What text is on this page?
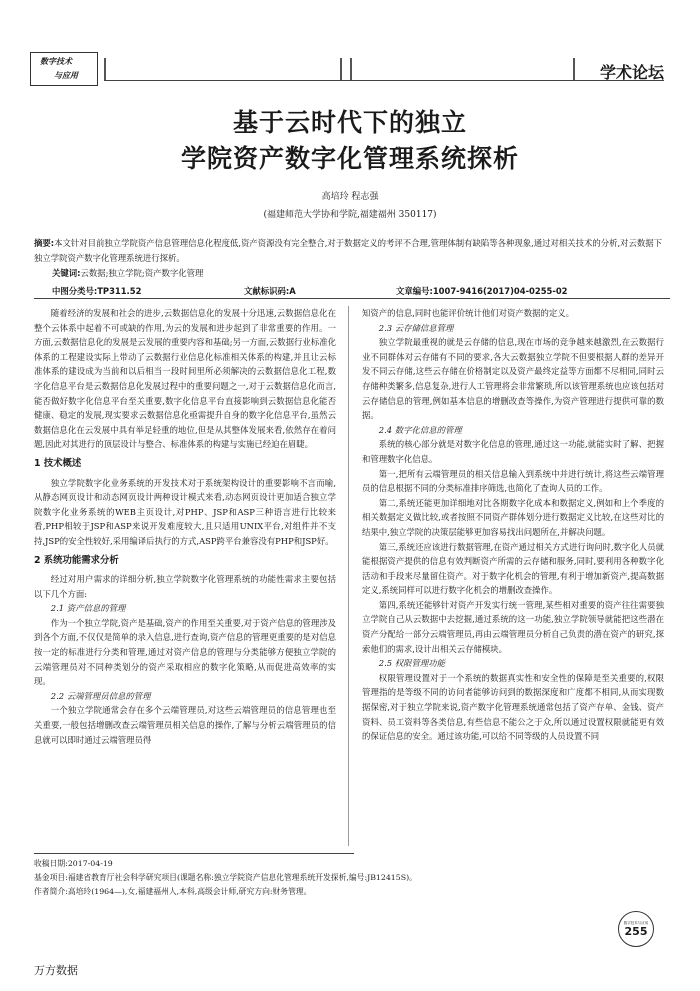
数字技术
与应用	学术论坛
基于云时代下的独立
学院资产数字化管理系统探析
高培玲 程志强
(福建师范大学协和学院,福建福州 350117)
摘要:本文针对目前独立学院资产信息管理信息化程度低,资产资源没有完全整合,对于数据定义的考评不合理,管理体制有缺陷等各种现象,通过对相关技术的分析,对云数据下独立学院资产数字化管理系统进行探析。
关键词:云数据;独立学院;资产数字化管理
中图分类号:TP311.52	文献标识码:A	文章编号:1007-9416(2017)04-0255-02

随着经济的发展和社会的进步,云数据信息化的发展十分迅速,云数据信息化在整个云体系中起着不可或缺的作用,为云的发展和进步起到了非常重要的作用。一方面,云数据信息化的发展是云发展的重要内容和基础;另一方面,云数据行业标准化体系的工程建设实际上带动了云数据行业信息化标准相关体系的构建,并且让云标准体系的建设成为当前和以后相当一段时间里所必须解决的云数据信息化工程,数字化信息平台是云数据信息化发展过程中的重要问题之一,对于云数据信息化而言,能否做好数字化信息平台至关重要,数字化信息平台直接影响到云数据信息化能否健康、稳定的发展,现实要求云数据信息化亟需提升自身的数字化信息平台,虽然云数据信息化在云发展中具有举足轻重的地位,但是从其整体发展来看,依然存在着问题,因此对其进行的顶层设计与整合、标准体系的构建与实施已经迫在眉睫。

1 技术概述

独立学院数字化业务系统的开发技术对于系统架构设计的重要影响不言而喻,从静态网页设计和动态网页设计两种设计模式来看,动态网页设计更加适合独立学院数字化业务系统的WEB主页设计,对PHP、JSP和ASP三种语言进行比较来看,PHP相较于JSP和ASP来说开发难度较大,且只适用UNIX平台,对组件并不支持,JSP的安全性较好,采用编译后执行的方式,ASP跨平台兼容没有PHP和JSP好。

2 系统功能需求分析

经过对用户需求的详细分析,独立学院数字化管理系统的功能性需求主要包括以下几个方面:

2.1 资产信息的管理

作为一个独立学院,资产是基础,资产的作用至关重要,对于资产信息的管理涉及到各个方面,不仅仅是简单的录入信息,进行查询,资产信息的管理更重要的是对信息按一定的标准进行分类和管理,通过对资产信息的管理与分类能够方便独立学院的云端管理员对不同种类划分的资产采取相应的数字化策略,从而促进高效率的实现。

2.2 云端管理员信息的管理

一个独立学院通常会存在多个云端管理员,对这些云端管理员的信息管理也至关重要,一般包括增删改查云端管理员相关信息的操作,了解与分析云端管理员的信息就可以即时通过云端管理员得

知资产的信息,同时也能评价统计他们对资产数据的定义。

2.3 云存储信息管理

独立学院最重视的就是云存储的信息,现在市场的竞争越来越激烈,在云数据行业不同群体对云存储有不同的要求,各大云数据独立学院不但要根据人群的差异开发不同云存储,这些云存储在价格制定以及资产最终定益等方面都不尽相同,同时云存储种类繁多,信息复杂,进行人工管理将会非常繁琐,所以该管理系统也应该包括对云存储信息的管理,例如基本信息的增删改查等操作,为资产管理进行提供可靠的数据。

2.4 数字化信息的管理

系统的核心部分就是对数字化信息的管理,通过这一功能,就能实时了解、把握和管理数字化信息。

第一,把所有云端管理员的相关信息输入到系统中并进行统计,将这些云端管理员的信息根据不同的分类标准排序筛选,也简化了查询人员的工作。

第二,系统还能更加详细地对比各期数字化成本和数据定义,例如和上个季度的相关数据定义做比较,或者按照不同资产群体划分进行数据定义比较,在这些对比的结果中,独立学院的决策层能够更加容易找出问题所在,并解决问题。

第三,系统还应该进行数据管理,在资产通过相关方式进行询问时,数字化人员就能根据资产提供的信息有效判断资产所需的云存储和服务,同时,要利用各种数字化活动和手段来尽量留住资产。对于数字化机会的管理,有利于增加新资产,提高数据定义,系统同样可以进行数字化机会的增删改查操作。

第四,系统还能够针对资产开发实行统一管理,某些相对重要的资产往往需要独立学院自己从云数据中去挖掘,通过系统的这一功能,独立学院领导就能把这些潜在资产分配给一部分云端管理员,再由云端管理员分析自己负责的潜在资产的研究,探索他们的需求,设计出相关云存储模块。

2.5 权限管理功能

权限管理设置对于一个系统的数据真实性和安全性的保障是至关重要的,权限管理指的是等级不同的访问者能够访问到的数据深度和广度都不相同,从而实现数据保密,对于独立学院来说,资产数字化管理系统通常包括了资产存单、金钱、资产资料、员工资料等各类信息,有些信息不能公之于众,所以通过设置权限就能更有效的保证信息的安全。通过该功能,可以给不同等级的人员设置不同

收稿日期:2017-04-19
基金项目:福建省教育厅社会科学研究项目(课题名称:独立学院资产信息化管理系统开发探析,编号:JB12415S)。
作者简介:高培玲(1964—),女,福建福州人,本科,高级会计师,研究方向:财务管理。
数字技术与应用
255
万方数据
